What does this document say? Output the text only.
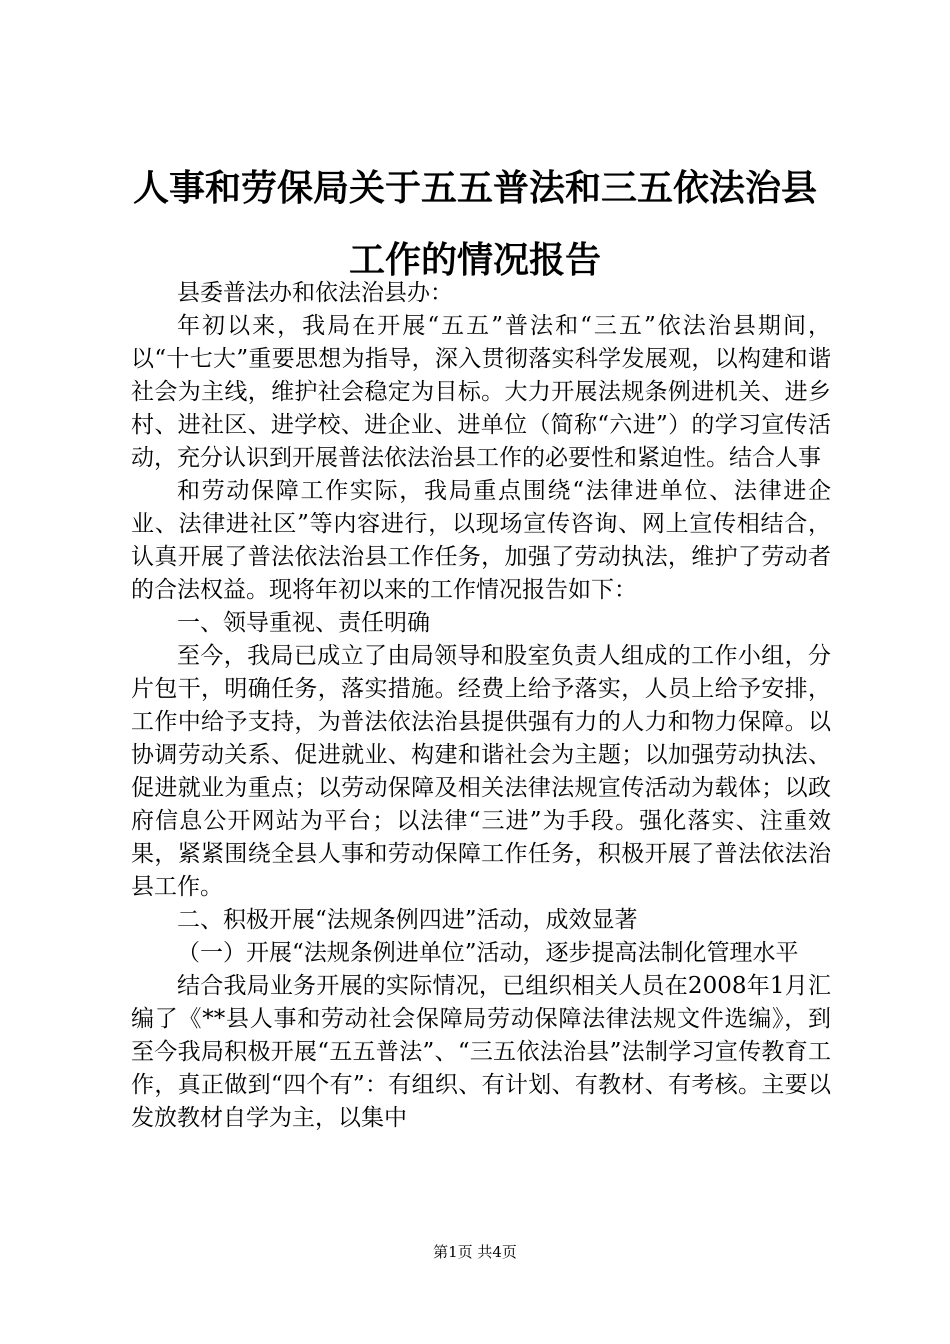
人事和劳保局关于五五普法和三五依法治县工作的情况报告

县委普法办和依法治县办：

年初以来，我局在开展“五五”普法和“三五”依法治县期间，以“十七大”重要思想为指导，深入贯彻落实科学发展观，以构建和谐社会为主线，维护社会稳定为目标。大力开展法规条例进机关、进乡村、进社区、进学校、进企业、进单位（简称“六进”）的学习宣传活动，充分认识到开展普法依法治县工作的必要性和紧迫性。结合人事

和劳动保障工作实际，我局重点围绕“法律进单位、法律进企业、法律进社区”等内容进行，以现场宣传咨询、网上宣传相结合，认真开展了普法依法治县工作任务，加强了劳动执法，维护了劳动者的合法权益。现将年初以来的工作情况报告如下：

一、领导重视、责任明确

至今，我局已成立了由局领导和股室负责人组成的工作小组，分片包干，明确任务，落实措施。经费上给予落实，人员上给予安排，工作中给予支持，为普法依法治县提供强有力的人力和物力保障。以协调劳动关系、促进就业、构建和谐社会为主题；以加强劳动执法、促进就业为重点；以劳动保障及相关法律法规宣传活动为载体；以政府信息公开网站为平台；以法律“三进”为手段。强化落实、注重效果，紧紧围绕全县人事和劳动保障工作任务，积极开展了普法依法治县工作。

二、积极开展“法规条例四进”活动，成效显著

（一）开展“法规条例进单位”活动，逐步提高法制化管理水平

结合我局业务开展的实际情况，已组织相关人员在2008年1月汇编了《**县人事和劳动社会保障局劳动保障法律法规文件选编》，到至今我局积极开展“五五普法”、“三五依法治县”法制学习宣传教育工作，真正做到“四个有”：有组织、有计划、有教材、有考核。主要以发放教材自学为主，以集中

第1页 共4页
